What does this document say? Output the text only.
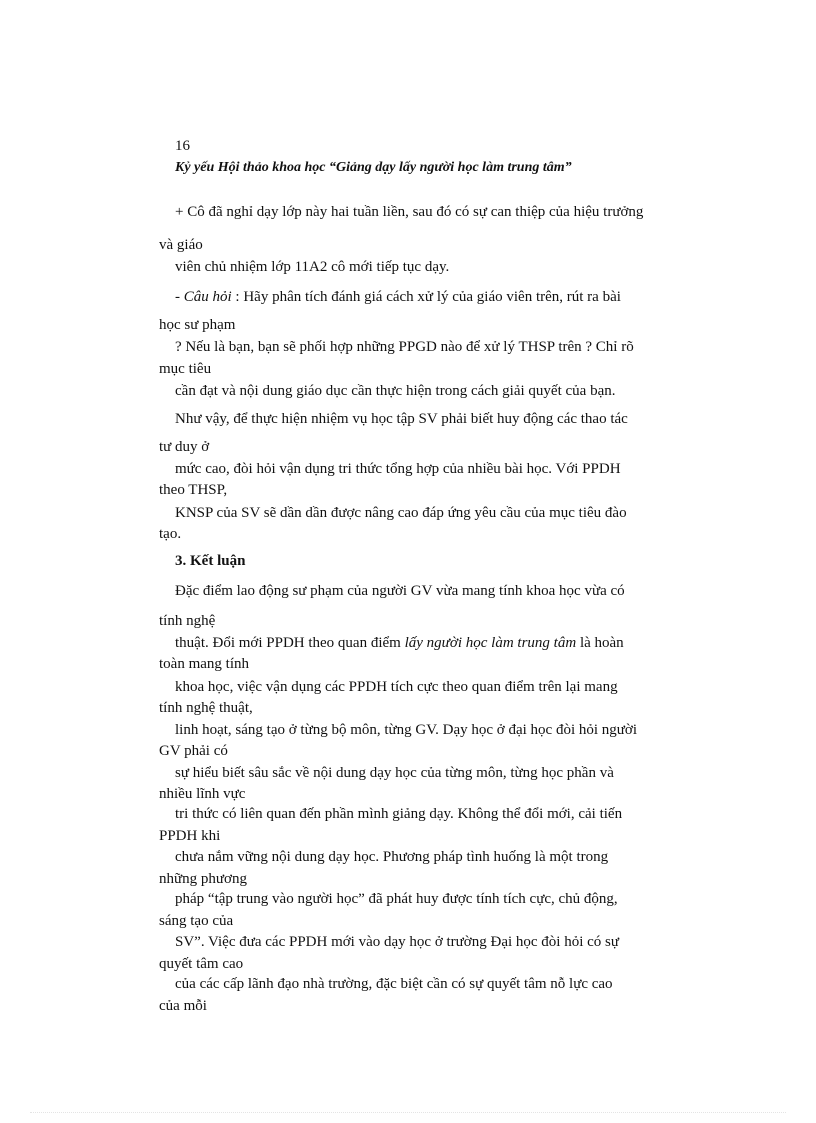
16
Kỷ yếu Hội thảo khoa học “Giảng dạy lấy người học làm trung tâm”
+ Cô đã nghỉ dạy lớp này hai tuần liền, sau đó có sự can thiệp của hiệu trưởng
và giáo
viên chủ nhiệm lớp 11A2 cô mới tiếp tục dạy.
- Câu hỏi : Hãy phân tích đánh giá cách xử lý của giáo viên trên, rút ra bài
học sư phạm
? Nếu là bạn, bạn sẽ phối hợp những PPGD nào để xử lý THSP trên ? Chỉ rõ
mục tiêu
cần đạt và nội dung giáo dục cần thực hiện trong cách giải quyết của bạn.
Như vậy, để thực hiện nhiệm vụ học tập SV phải biết huy động các thao tác
tư duy ở
mức cao, đòi hỏi vận dụng tri thức tổng hợp của nhiều bài học. Với PPDH
theo THSP,
KNSP của SV sẽ dần dần được nâng cao đáp ứng yêu cầu của mục tiêu đào
tạo.
3. Kết luận
Đặc điểm lao động sư phạm của người GV vừa mang tính khoa học vừa có
tính nghệ
thuật. Đổi mới PPDH theo quan điểm lấy người học làm trung tâm là hoàn
toàn mang tính
khoa học, việc vận dụng các PPDH tích cực theo quan điểm trên lại mang
tính nghệ thuật,
linh hoạt, sáng tạo ở từng bộ môn, từng GV. Dạy học ở đại học đòi hỏi người
GV phải có
sự hiểu biết sâu sắc về nội dung dạy học của từng môn, từng học phần và
nhiều lĩnh vực
tri thức có liên quan đến phần mình giảng dạy. Không thể đổi mới, cải tiến
PPDH khi
chưa nắm vững nội dung dạy học. Phương pháp tình huống là một trong
những phương
pháp “tập trung vào người học” đã phát huy được tính tích cực, chủ động,
sáng tạo của
SV”. Việc đưa các PPDH mới vào dạy học ở trường Đại học đòi hỏi có sự
quyết tâm cao
của các cấp lãnh đạo nhà trường, đặc biệt cần có sự quyết tâm nỗ lực cao
của mỗi
